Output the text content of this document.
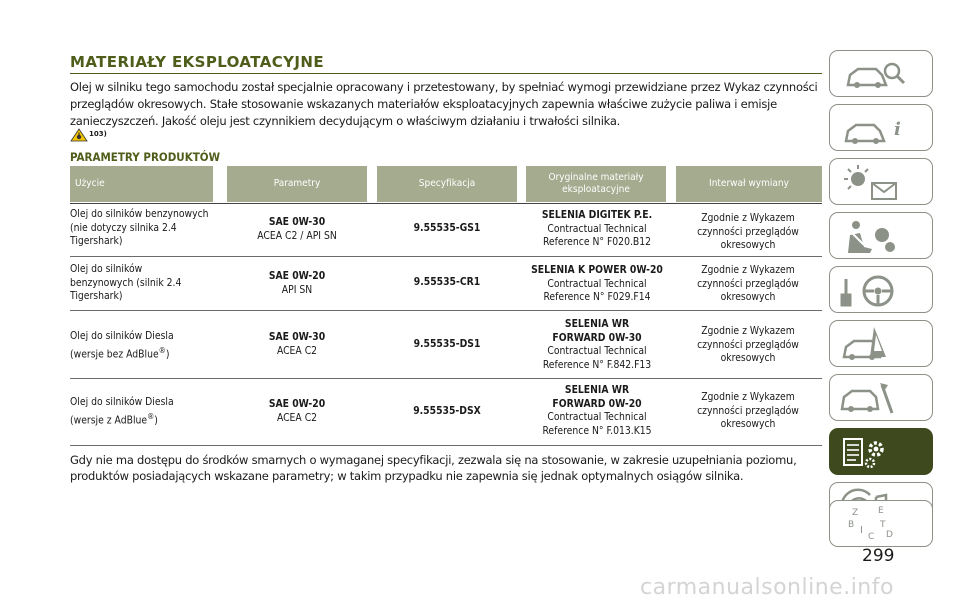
MATERIAŁY EKSPLOATACYJNE
Olej w silniku tego samochodu został specjalnie opracowany i przetestowany, by spełniać wymogi przewidziane przez Wykaz czynności przeglądów okresowych. Stałe stosowanie wskazanych materiałów eksploatacyjnych zapewnia właściwe zużycie paliwa i emisje zanieczyszczeń. Jakość oleju jest czynnikiem decydującym o właściwym działaniu i trwałości silnika.
103)
PARAMETRY PRODUKTÓW
Użycie	Parametry	Specyfikacja
Oryginalne materiały eksploatacyjne
Interwał wymiany
Olej do silników benzynowych (nie dotyczy silnika 2.4 Tigershark)
SAE 0W-30
ACEA C2 / API SN
9.55535-GS1
SELENIA DIGITEK P.E.
Contractual Technical Reference N° F020.B12
Zgodnie z Wykazem czynności przeglądów okresowych
Olej do silników benzynowych (silnik 2.4 Tigershark)
SAE 0W-20
API SN
9.55535-CR1
SELENIA K POWER 0W-20
Contractual Technical Reference N° F029.F14
Zgodnie z Wykazem czynności przeglądów okresowych
Olej do silników Diesla (wersje bez AdBlue®)
SAE 0W-30
ACEA C2
9.55535-DS1
SELENIA WR FORWARD 0W-30
Contractual Technical Reference N° F.842.F13
Zgodnie z Wykazem czynności przeglądów okresowych
Olej do silników Diesla (wersje z AdBlue®)
SAE 0W-20
ACEA C2
9.55535-DSX
SELENIA WR FORWARD 0W-20
Contractual Technical Reference N° F.013.K15
Zgodnie z Wykazem czynności przeglądów okresowych
Gdy nie ma dostępu do środków smarnych o wymaganej specyfikacji, zezwala się na stosowanie, w zakresie uzupełniania poziomu, produktów posiadających wskazane parametry; w takim przypadku nie zapewnia się jednak optymalnych osiągów silnika.
i
Z E
B I
C
T
D
299
carmanualsonline.info
